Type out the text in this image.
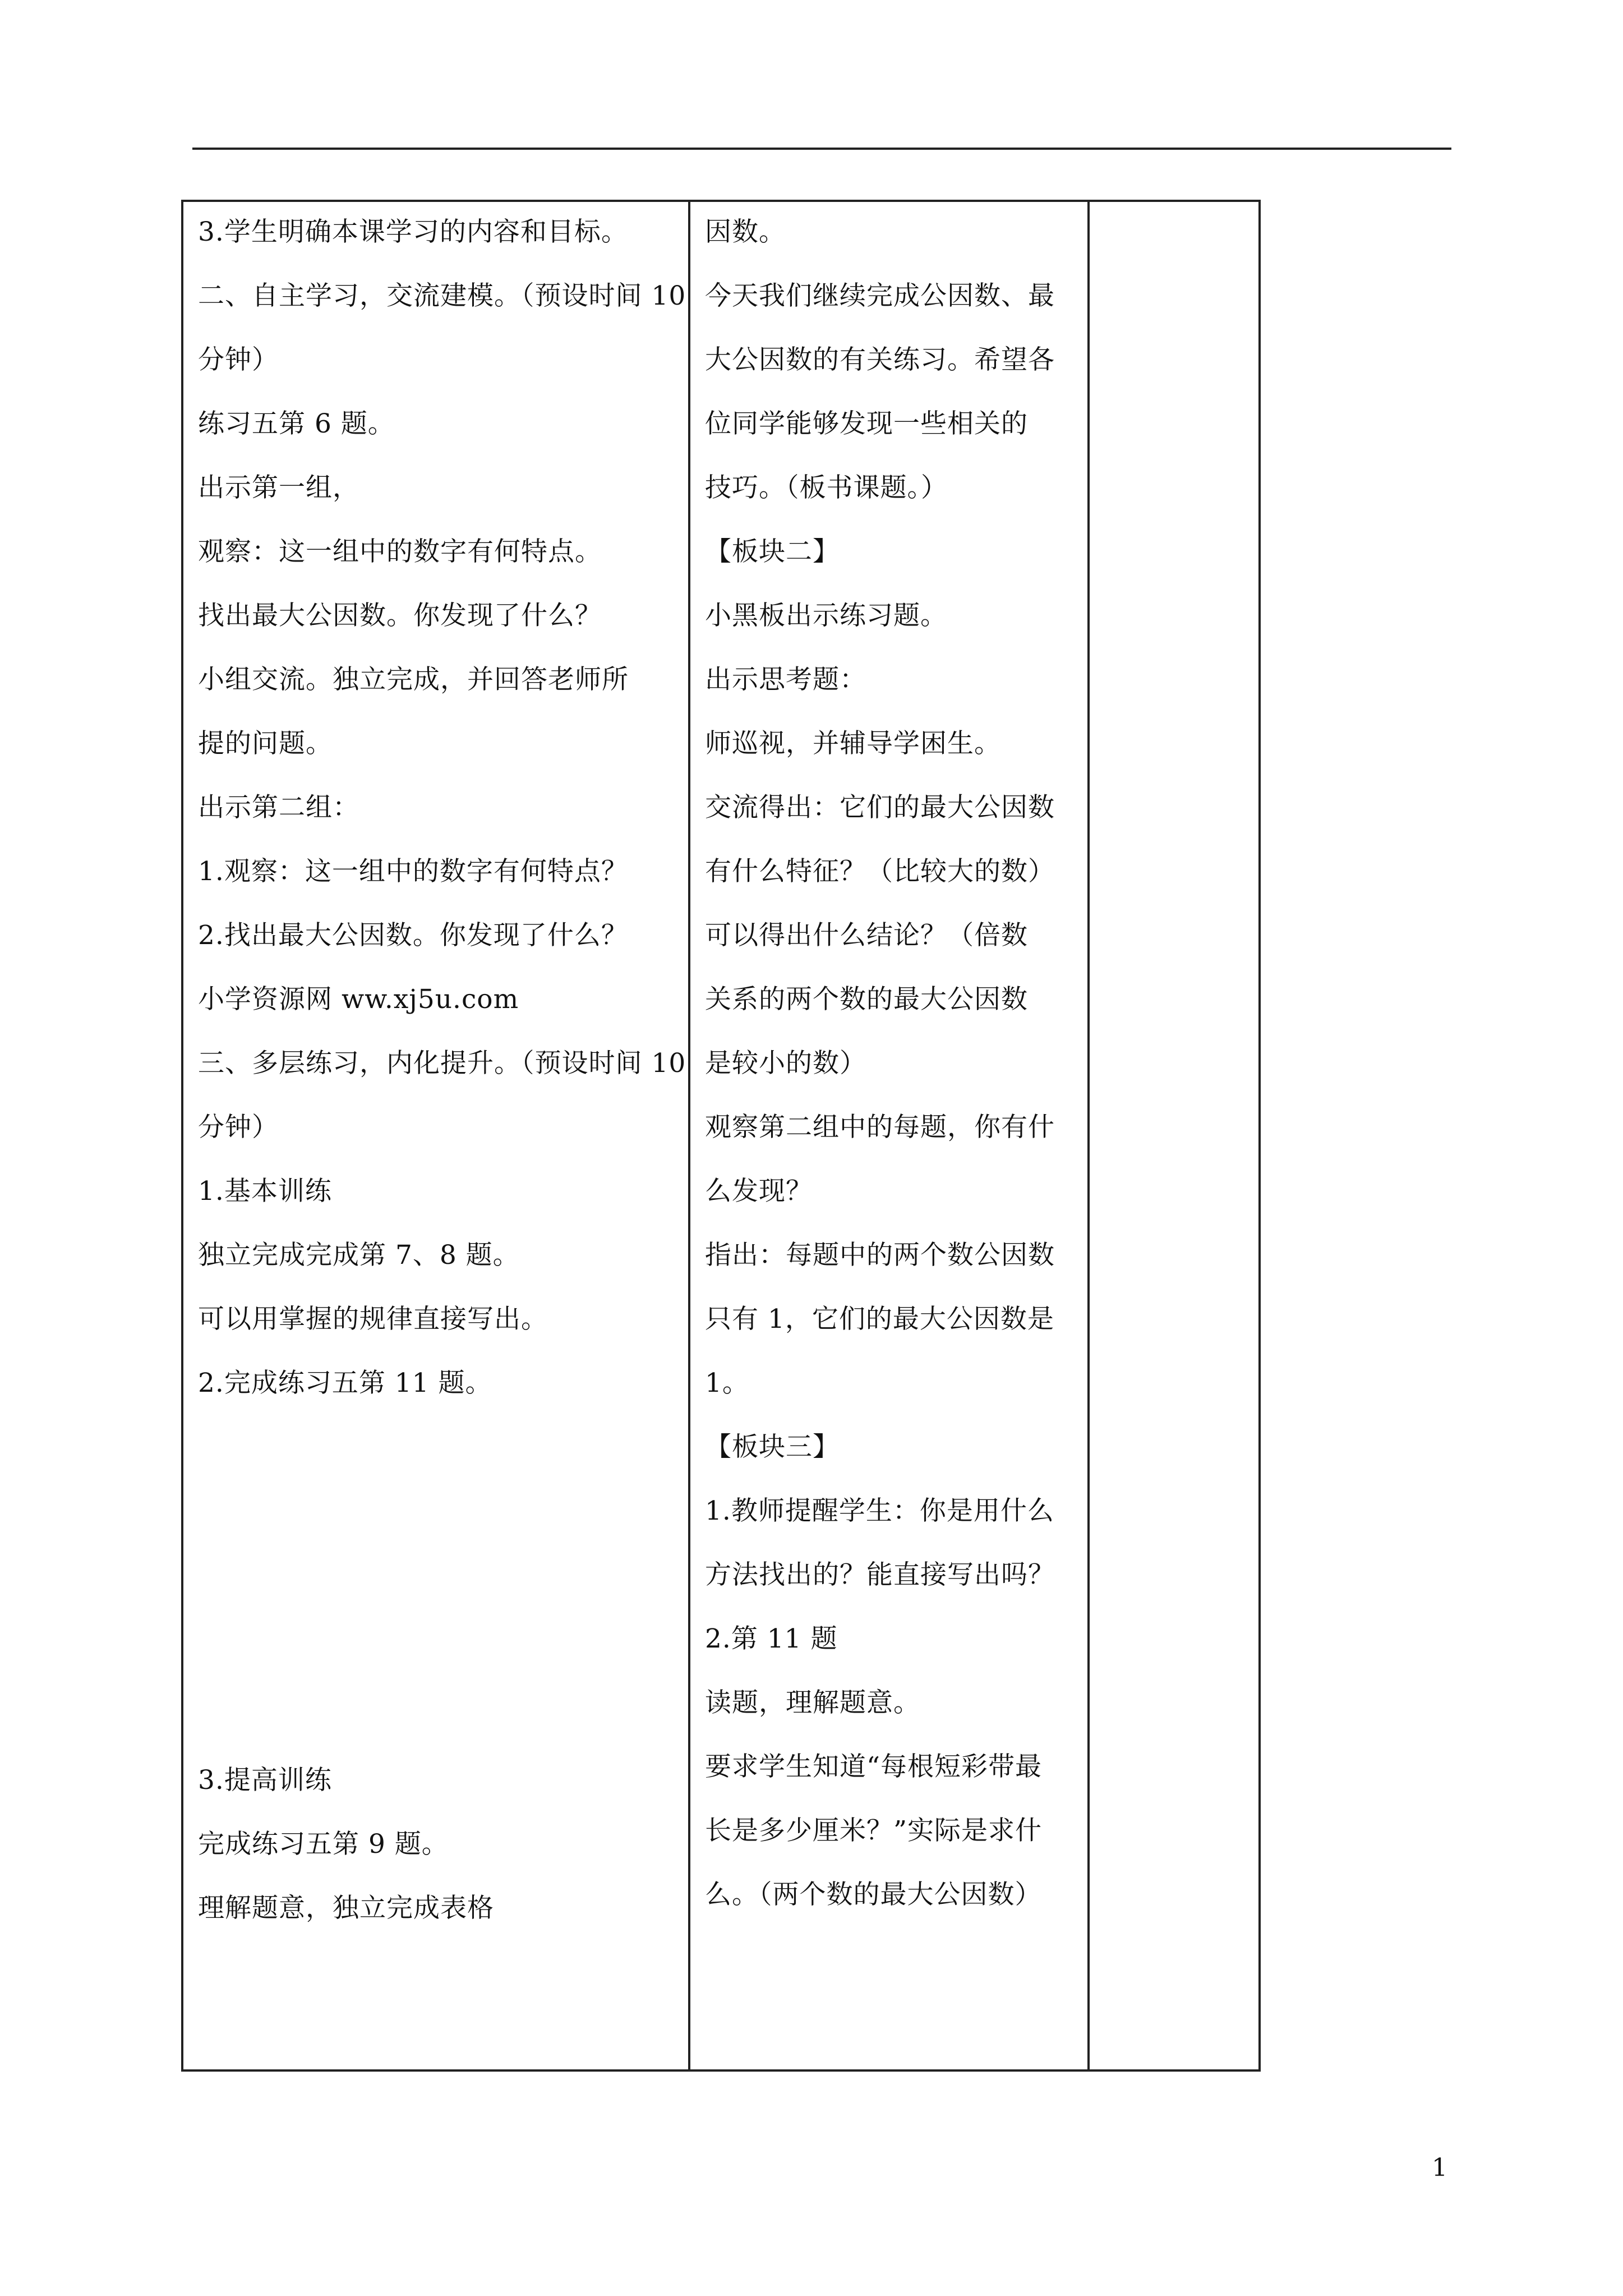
3.学生明确本课学习的内容和目标。
二、自主学习，交流建模。（预设时间 10
分钟）
练习五第 6 题。
出示第一组，
观察：这一组中的数字有何特点。
找出最大公因数。你发现了什么？
小组交流。独立完成，并回答老师所
提的问题。
出示第二组：
1.观察：这一组中的数字有何特点？
2.找出最大公因数。你发现了什么？
小学资源网 ww.xj5u.com
三、多层练习，内化提升。（预设时间 10
分钟）
1.基本训练
独立完成完成第 7、8 题。
可以用掌握的规律直接写出。
2.完成练习五第 11 题。
3.提高训练
完成练习五第 9 题。
理解题意，独立完成表格
因数。
今天我们继续完成公因数、最
大公因数的有关练习。希望各
位同学能够发现一些相关的
技巧。（板书课题。）
【板块二】
小黑板出示练习题。
出示思考题：
师巡视，并辅导学困生。
交流得出：它们的最大公因数
有什么特征？（比较大的数）
可以得出什么结论？（倍数
关系的两个数的最大公因数
是较小的数）
观察第二组中的每题，你有什
么发现？
指出：每题中的两个数公因数
只有 1，它们的最大公因数是
1。
【板块三】
1.教师提醒学生：你是用什么
方法找出的？能直接写出吗？
2.第 11 题
读题，理解题意。
要求学生知道“每根短彩带最
长是多少厘米？”实际是求什
么。（两个数的最大公因数）
1
